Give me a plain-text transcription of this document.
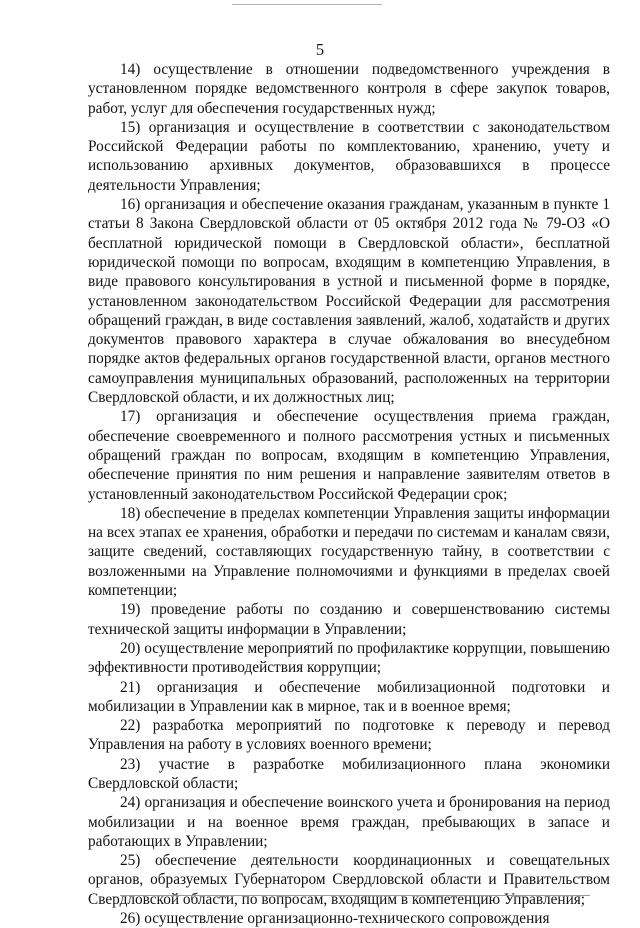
5

14) осуществление в отношении подведомственного учреждения в установленном порядке ведомственного контроля в сфере закупок товаров, работ, услуг для обеспечения государственных нужд;

15) организация и осуществление в соответствии с законодательством Российской Федерации работы по комплектованию, хранению, учету и использованию архивных документов, образовавшихся в процессе деятельности Управления;

16) организация и обеспечение оказания гражданам, указанным в пункте 1 статьи 8 Закона Свердловской области от 05 октября 2012 года № 79-ОЗ «О бесплатной юридической помощи в Свердловской области», бесплатной юридической помощи по вопросам, входящим в компетенцию Управления, в виде правового консультирования в устной и письменной форме в порядке, установленном законодательством Российской Федерации для рассмотрения обращений граждан, в виде составления заявлений, жалоб, ходатайств и других документов правового характера в случае обжалования во внесудебном порядке актов федеральных органов государственной власти, органов местного самоуправления муниципальных образований, расположенных на территории Свердловской области, и их должностных лиц;

17) организация и обеспечение осуществления приема граждан, обеспечение своевременного и полного рассмотрения устных и письменных обращений граждан по вопросам, входящим в компетенцию Управления, обеспечение принятия по ним решения и направление заявителям ответов в установленный законодательством Российской Федерации срок;

18) обеспечение в пределах компетенции Управления защиты информации на всех этапах ее хранения, обработки и передачи по системам и каналам связи, защите сведений, составляющих государственную тайну, в соответствии с возложенными на Управление полномочиями и функциями в пределах своей компетенции;

19) проведение работы по созданию и совершенствованию системы технической защиты информации в Управлении;

20) осуществление мероприятий по профилактике коррупции, повышению эффективности противодействия коррупции;

21) организация и обеспечение мобилизационной подготовки и мобилизации в Управлении как в мирное, так и в военное время;

22) разработка мероприятий по подготовке к переводу и перевод Управления на работу в условиях военного времени;

23) участие в разработке мобилизационного плана экономики Свердловской области;

24) организация и обеспечение воинского учета и бронирования на период мобилизации и на военное время граждан, пребывающих в запасе и работающих в Управлении;

25) обеспечение деятельности координационных и совещательных органов, образуемых Губернатором Свердловской области и Правительством Свердловской области, по вопросам, входящим в компетенцию Управления;

26) осуществление организационно-технического сопровождения
